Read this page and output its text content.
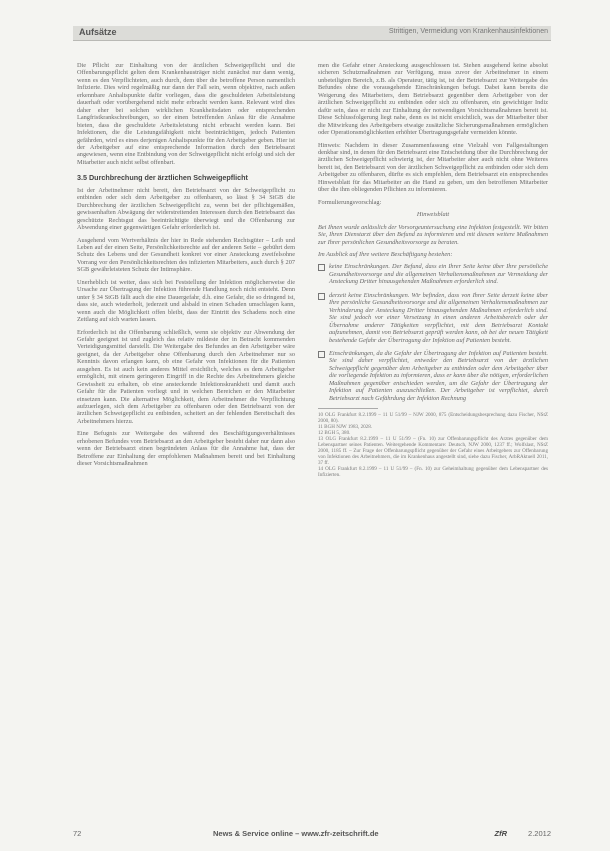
Aufsätze	Strittigen, Vermeidung von Krankenhausinfektionen

Die Pflicht zur Einhaltung von der ärztlichen Schweigepflicht und die Offenbarungspflicht gelten dem Krankenhausträger nicht zunächst nur dann wenig, wenn es den Verpflichteten, auch durch, dem über die betroffene Person namentlich Infizierte. Dies wird regelmäßig nur dann der Fall sein, wenn objektive, nach außen erkennbare Anhaltspunkte dafür vorliegen, dass die geschuldeten Arbeitsleistung dauerhaft oder vorübergehend nicht mehr erbracht werden kann. Relevant wird dies daher eher bei solchen wirklichen Krankheitsdaten oder entsprechenden Langfristkrankschreibungen, so der einen betreffenden Anlass für die Annahme bieten, dass die geschuldete Arbeitsleistung nicht erbracht werden kann. Bei Infektionen, die die Leistungsfähigkeit nicht beeinträchtigen, jedoch Patienten gefährden, wird es eines derjenigen Anhaltspunkte für den Arbeitgeber geben. Hier ist der Arbeitgeber auf eine entsprechende Information durch den Betriebsarzt angewiesen, wenn eine Entbindung von der Schweigepflicht nicht erfolgt und sich der Mitarbeiter auch nicht selbst offenbart.

3.5 Durchbrechung der ärztlichen Schweigepflicht

Ist der Arbeitnehmer nicht bereit, den Betriebsarzt von der Schweigepflicht zu entbinden oder sich dem Arbeitgeber zu offenbaren, so lässt § 34 StGB die Durchbrechung der ärztlichen Schweigepflicht zu, wenn bei der pflichtgemäßen, gewissenhaften Abwägung der widerstreitenden Interessen durch den Betriebsarzt das geschützte Rechtsgut das beeinträchtigte überwiegt und die Offenbarung zur Abwendung einer gegenwärtigen Gefahr erforderlich ist.

Ausgehend vom Wertverhältnis der hier in Rede stehenden Rechtsgüter – Leib und Leben auf der einen Seite, Persönlichkeitsrechte auf der anderen Seite – gebührt dem Schutz des Lebens und der Gesundheit konkret vor einer Ansteckung zweifelsohne Vorrang vor den Persönlichkeitsrechten des infizierten Mitarbeiters, auch durch § 207 SGB gewährleisteten Schutz der Intimsphäre.

Unerheblich ist weiter, dass sich bei Feststellung der Infektion möglicherweise die Ursache zur Übertragung der Infektion führende Handlung noch nicht entsteht. Denn unter § 34 StGB fällt auch die eine Dauergefahr, d.h. eine Gefahr, die so dringend ist, dass sie, auch wiederholt, jederzeit und alsbald in einen Schaden umschlagen kann, wenn auch die Möglichkeit offen bleibt, dass der Eintritt des Schadens noch eine Zeitlang auf sich warten lassen.

Erforderlich ist die Offenbarung schließlich, wenn sie objektiv zur Abwendung der Gefahr geeignet ist und zugleich das relativ mildeste der in Betracht kommenden Verteidigungsmittel darstellt. Die Weitergabe des Befundes an den Arbeitgeber wäre geeignet, da der Arbeitgeber ohne Offenbarung durch den Arbeitnehmer nur so Kenntnis davon erlangen kann, ob eine Gefahr von Infektionen für die Patienten ausgehen. Es ist auch kein anderes Mittel ersichtlich, welches es dem Arbeitgeber ermöglicht, mit einem geringeren Eingriff in die Rechte des Arbeitnehmers gleiche Gewissheit zu erhalten, ob eine ansteckende Infektionskrankheit und damit auch Gefahr für die Patienten vorliegt und in welchen Bereichen er den Mitarbeiter einsetzen kann. Die alternative Möglichkeit, dem Arbeitnehmer die Verpflichtung aufzuerlegen, sich dem Arbeitgeber zu offenbaren oder den Betriebsarzt von der ärztlichen Schweigepflicht zu entbinden, scheitert an der fehlenden Bereitschaft des Arbeitnehmers hierzu.

Eine Befugnis zur Weitergabe des während des Beschäftigungsverhältnisses erhobenen Befundes vom Betriebsarzt an den Arbeitgeber besteht daher nur dann also wenn der Betriebsarzt einen begründeten Anlass für die Annahme hat, dass der Betroffene zur Einhaltung der empfohlenen Maßnahmen bereit und bei Einhaltung dieser Vorsichtsmaßnahmen

men die Gefahr einer Ansteckung ausgeschlossen ist. Stehen ausgehend keine absolut sicheren Schutzmaßnahmen zur Verfügung, muss zuvor der Arbeitnehmer in einem unbeteiligten Bereich, z.B. als Operateur, tätig ist, ist der Betriebsarzt zur Weitergabe des Befundes ohne die vorausgehende Einschränkungen befugt. Dabei kann bereits die Weigerung des Mitarbeiters, dem Betriebsarzt gegenüber dem Arbeitgeber von der ärztlichen Schweigepflicht zu entbinden oder sich zu offenbaren, ein gewichtiger Indiz dafür sein, dass er nicht zur Einhaltung der notwendigen Vorsichtsmaßnahmen bereit ist. Diese Schlussfolgerung liegt nahe, denn es ist nicht ersichtlich, was der Mitarbeiter über die Mitwirkung des Arbeitgebers etwaige zusätzliche Sicherungsmaßnahmen ermöglichen oder Operationsmöglichkeiten erhöhter Übertragungsgefahr vermeiden könnte.

Hinweis: Nachdem in dieser Zusammenfassung eine Vielzahl von Fallgestaltungen denkbar sind, in denen für den Betriebsarzt eine Entscheidung über die Durchbrechung der ärztlichen Schweigepflicht schwierig ist, der Mitarbeiter aber auch nicht ohne Weiteres bereit ist, den Betriebsarzt von der ärztlichen Schweigepflicht zu entbinden oder sich dem Arbeitgeber zu offenbaren, dürfte es sich empfehlen, dem Betriebsarzt ein entsprechendes Hinweisblatt für das Mitarbeiter an die Hand zu geben, um den betroffenen Mitarbeiter über die ihm obliegenden Pflichten zu informieren.

Formulierungsvorschlag:

Hinweisblatt

Bei Ihnen wurde anlässlich der Vorsorgeuntersuchung eine Infektion festgestellt. Wir bitten Sie, Ihren Dienstarzt über den Befund zu informieren und mit diesem weitere Maßnahmen zur Ihrer persönlichen Gesundheitsvorsorge zu beraten.

Im Ausblick auf Ihre weitere Beschäftigung bestehen:

keine Einschränkungen. Der Befund, dass ein Ihrer Seite keine über Ihre persönliche Gesundheitsvorsorge und die allgemeinen Verhaltensmaßnahmen zur Vermeidung der Ansteckung Dritter hinausgehenden Maßnahmen erforderlich sind.
derzeit keine Einschränkungen. Wir befinden, dass von Ihrer Seite derzeit keine über Ihre persönliche Gesundheitsvorsorge und die allgemeinen Verhaltensmaßnahmen zur Verhinderung der Ansteckung Dritter hinausgehenden Maßnahmen erforderlich sind. Sie sind jedoch vor einer Versetzung in einen anderen Arbeitsbereich oder der Übernahme anderer Tätigkeiten verpflichtet, mit dem Betriebsarzt Kontakt aufzunehmen, damit von Betriebsarzt geprüft werden kann, ob bei der neuen Tätigkeit bestehende Gefahr der Übertragung der Infektion auf Patienten besteht.
Einschränkungen, da die Gefahr der Übertragung der Infektion auf Patienten besteht. Sie sind daher verpflichtet, entweder den Betriebsarzt von der ärztlichen Schweigepflicht gegenüber dem Arbeitgeber zu entbinden oder dem Arbeitgeber über die vorliegende Infektion zu informieren, dass er kann über die nötigen, erforderlichen Maßnahmen gegenüber entschieden werden, um die Gefahr der Übertragung der Infektion auf Patienten auszuschließen. Der Arbeitgeber ist verpflichtet, durch Betriebsarzt nach Gefährdung der Infektion Rechnung
10 OLG Frankfurt 8.2.1999 – 11 U 51/99 – NJW 2000, 875 (Entscheidungsbesprechung dazu Fischer, NStZ 2000, 80).
11 BGH NJW 1983, 2028.
12 BGH 5, 380.
13 OLG Frankfurt 8.2.1999 – 11 U 51/99 – (Fn. 10) zur Offenbarungspflicht des Arztes gegenüber dem Lebenspartner seines Patienten. Weitergehende Kommentare: Deutsch, NJW 2000, 1237 ff.; Wolfslast, NStZ 2000, 1185 ff. – Zur Frage der Offenbarungspflicht gegenüber der Gefahr eines Arbeitgebers zur Offenbarung von Infektionen des Arbeitnehmers, die im Krankenhaus angestellt sind, siehe dazu Fischer, ArbRAktuell 2011, 37 ff.
14 OLG Frankfurt 8.2.1999 – 11 U 51/99 – (Fn. 10) zur Geheimhaltung gegenüber dem Lebenspartner des Infizierten.
72	News & Service online – www.zfr-zeitschrift.de	ZfR	2.2012
